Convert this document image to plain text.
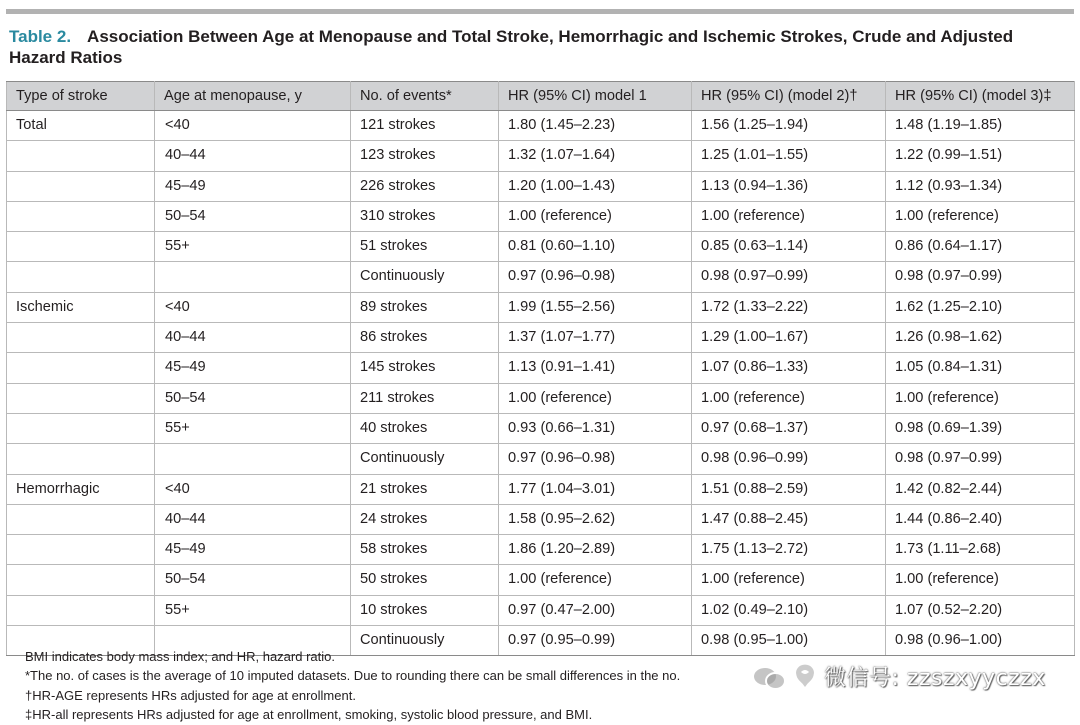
Table 2. Association Between Age at Menopause and Total Stroke, Hemorrhagic and Ischemic Strokes, Crude and Adjusted Hazard Ratios
Type of stroke	Age at menopause, y	No. of events*	HR (95% CI) model 1	HR (95% CI) (model 2)†	HR (95% CI) (model 3)‡
Total	<40	121 strokes	1.80 (1.45–2.23)	1.56 (1.25–1.94)	1.48 (1.19–1.85)
	40–44	123 strokes	1.32 (1.07–1.64)	1.25 (1.01–1.55)	1.22 (0.99–1.51)
	45–49	226 strokes	1.20 (1.00–1.43)	1.13 (0.94–1.36)	1.12 (0.93–1.34)
	50–54	310 strokes	1.00 (reference)	1.00 (reference)	1.00 (reference)
	55+	51 strokes	0.81 (0.60–1.10)	0.85 (0.63–1.14)	0.86 (0.64–1.17)
		Continuously	0.97 (0.96–0.98)	0.98 (0.97–0.99)	0.98 (0.97–0.99)
Ischemic	<40	89 strokes	1.99 (1.55–2.56)	1.72 (1.33–2.22)	1.62 (1.25–2.10)
	40–44	86 strokes	1.37 (1.07–1.77)	1.29 (1.00–1.67)	1.26 (0.98–1.62)
	45–49	145 strokes	1.13 (0.91–1.41)	1.07 (0.86–1.33)	1.05 (0.84–1.31)
	50–54	211 strokes	1.00 (reference)	1.00 (reference)	1.00 (reference)
	55+	40 strokes	0.93 (0.66–1.31)	0.97 (0.68–1.37)	0.98 (0.69–1.39)
		Continuously	0.97 (0.96–0.98)	0.98 (0.96–0.99)	0.98 (0.97–0.99)
Hemorrhagic	<40	21 strokes	1.77 (1.04–3.01)	1.51 (0.88–2.59)	1.42 (0.82–2.44)
	40–44	24 strokes	1.58 (0.95–2.62)	1.47 (0.88–2.45)	1.44 (0.86–2.40)
	45–49	58 strokes	1.86 (1.20–2.89)	1.75 (1.13–2.72)	1.73 (1.11–2.68)
	50–54	50 strokes	1.00 (reference)	1.00 (reference)	1.00 (reference)
	55+	10 strokes	0.97 (0.47–2.00)	1.02 (0.49–2.10)	1.07 (0.52–2.20)
		Continuously	0.97 (0.95–0.99)	0.98 (0.95–1.00)	0.98 (0.96–1.00)
BMI indicates body mass index; and HR, hazard ratio.
*The no. of cases is the average of 10 imputed datasets. Due to rounding there can be small differences in the no.
†HR-AGE represents HRs adjusted for age at enrollment.
‡HR-all represents HRs adjusted for age at enrollment, smoking, systolic blood pressure, and BMI.
微信号: zzszxyyczzx
